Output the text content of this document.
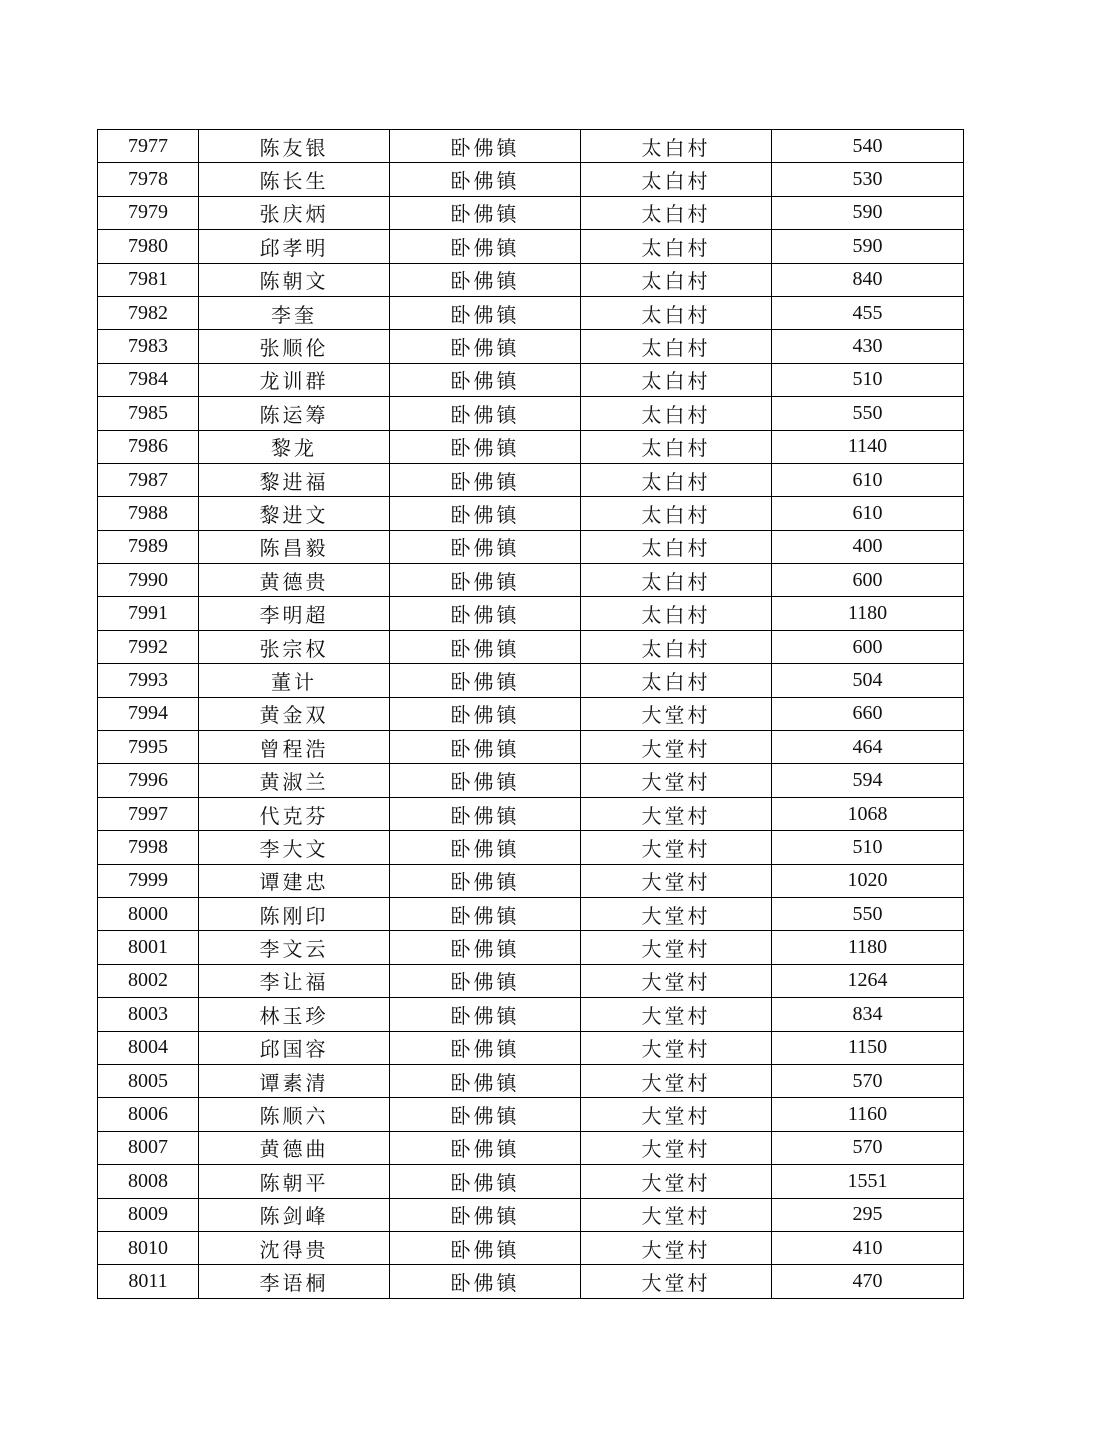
7977	陈友银	卧佛镇	太白村	540
7978	陈长生	卧佛镇	太白村	530
7979	张庆炳	卧佛镇	太白村	590
7980	邱孝明	卧佛镇	太白村	590
7981	陈朝文	卧佛镇	太白村	840
7982	李奎	卧佛镇	太白村	455
7983	张顺伦	卧佛镇	太白村	430
7984	龙训群	卧佛镇	太白村	510
7985	陈运筹	卧佛镇	太白村	550
7986	黎龙	卧佛镇	太白村	1140
7987	黎进福	卧佛镇	太白村	610
7988	黎进文	卧佛镇	太白村	610
7989	陈昌毅	卧佛镇	太白村	400
7990	黄德贵	卧佛镇	太白村	600
7991	李明超	卧佛镇	太白村	1180
7992	张宗权	卧佛镇	太白村	600
7993	董计	卧佛镇	太白村	504
7994	黄金双	卧佛镇	大堂村	660
7995	曾程浩	卧佛镇	大堂村	464
7996	黄淑兰	卧佛镇	大堂村	594
7997	代克芬	卧佛镇	大堂村	1068
7998	李大文	卧佛镇	大堂村	510
7999	谭建忠	卧佛镇	大堂村	1020
8000	陈刚印	卧佛镇	大堂村	550
8001	李文云	卧佛镇	大堂村	1180
8002	李让福	卧佛镇	大堂村	1264
8003	林玉珍	卧佛镇	大堂村	834
8004	邱国容	卧佛镇	大堂村	1150
8005	谭素清	卧佛镇	大堂村	570
8006	陈顺六	卧佛镇	大堂村	1160
8007	黄德曲	卧佛镇	大堂村	570
8008	陈朝平	卧佛镇	大堂村	1551
8009	陈剑峰	卧佛镇	大堂村	295
8010	沈得贵	卧佛镇	大堂村	410
8011	李语桐	卧佛镇	大堂村	470
